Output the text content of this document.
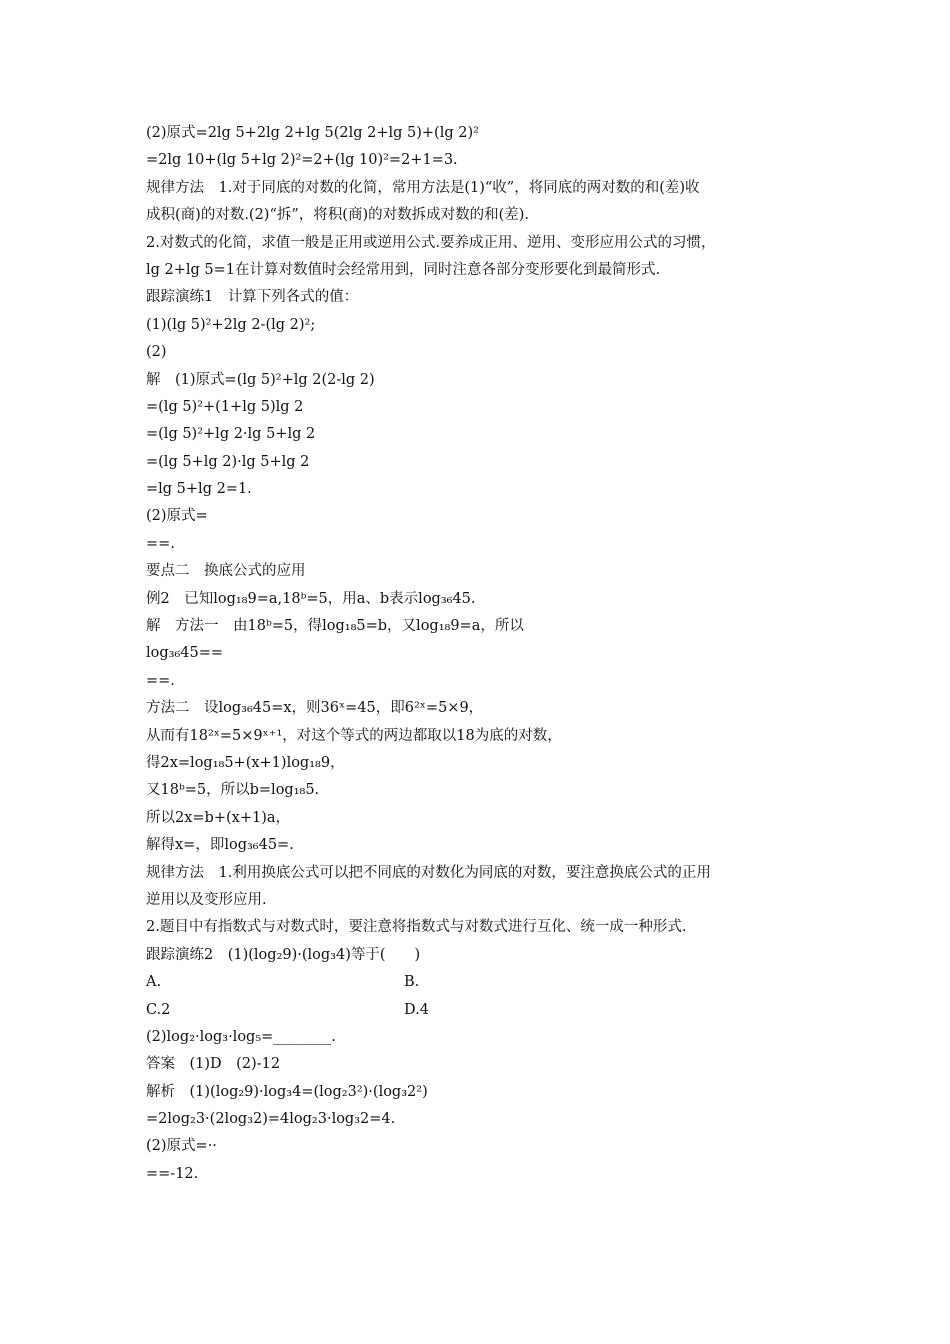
(2)原式=2lg 5+2lg 2+lg 5(2lg 2+lg 5)+(lg 2)²
=2lg 10+(lg 5+lg 2)²=2+(lg 10)²=2+1=3.
规律方法　1.对于同底的对数的化简，常用方法是(1)“收”，将同底的两对数的和(差)收
成积(商)的对数.(2)“拆”，将积(商)的对数拆成对数的和(差).
2.对数式的化简，求值一般是正用或逆用公式.要养成正用、逆用、变形应用公式的习惯，
lg 2+lg 5=1在计算对数值时会经常用到，同时注意各部分变形要化到最简形式.
跟踪演练1　计算下列各式的值：
(1)(lg 5)²+2lg 2-(lg 2)²;
(2)
解　(1)原式=(lg 5)²+lg 2(2-lg 2)
=(lg 5)²+(1+lg 5)lg 2
=(lg 5)²+lg 2·lg 5+lg 2
=(lg 5+lg 2)·lg 5+lg 2
=lg 5+lg 2=1.
(2)原式=
==.
要点二　换底公式的应用
例2　已知log₁₈9=a,18ᵇ=5，用a、b表示log₃₆45.
解　方法一　由18ᵇ=5，得log₁₈5=b，又log₁₈9=a，所以
log₃₆45==
==.
方法二　设log₃₆45=x，则36ˣ=45，即6²ˣ=5×9，
从而有18²ˣ=5×9ˣ⁺¹，对这个等式的两边都取以18为底的对数，
得2x=log₁₈5+(x+1)log₁₈9，
又18ᵇ=5，所以b=log₁₈5.
所以2x=b+(x+1)a，
解得x=，即log₃₆45=.
规律方法　1.利用换底公式可以把不同底的对数化为同底的对数，要注意换底公式的正用
逆用以及变形应用.
2.题目中有指数式与对数式时，要注意将指数式与对数式进行互化、统一成一种形式.
跟踪演练2　(1)(log₂9)·(log₃4)等于(　　)
A.	B.
C.2	D.4
(2)log₂·log₃·log₅=________.
答案　(1)D　(2)-12
解析　(1)(log₂9)·log₃4=(log₂3²)·(log₃2²)
=2log₂3·(2log₃2)=4log₂3·log₃2=4.
(2)原式=··
==-12.
